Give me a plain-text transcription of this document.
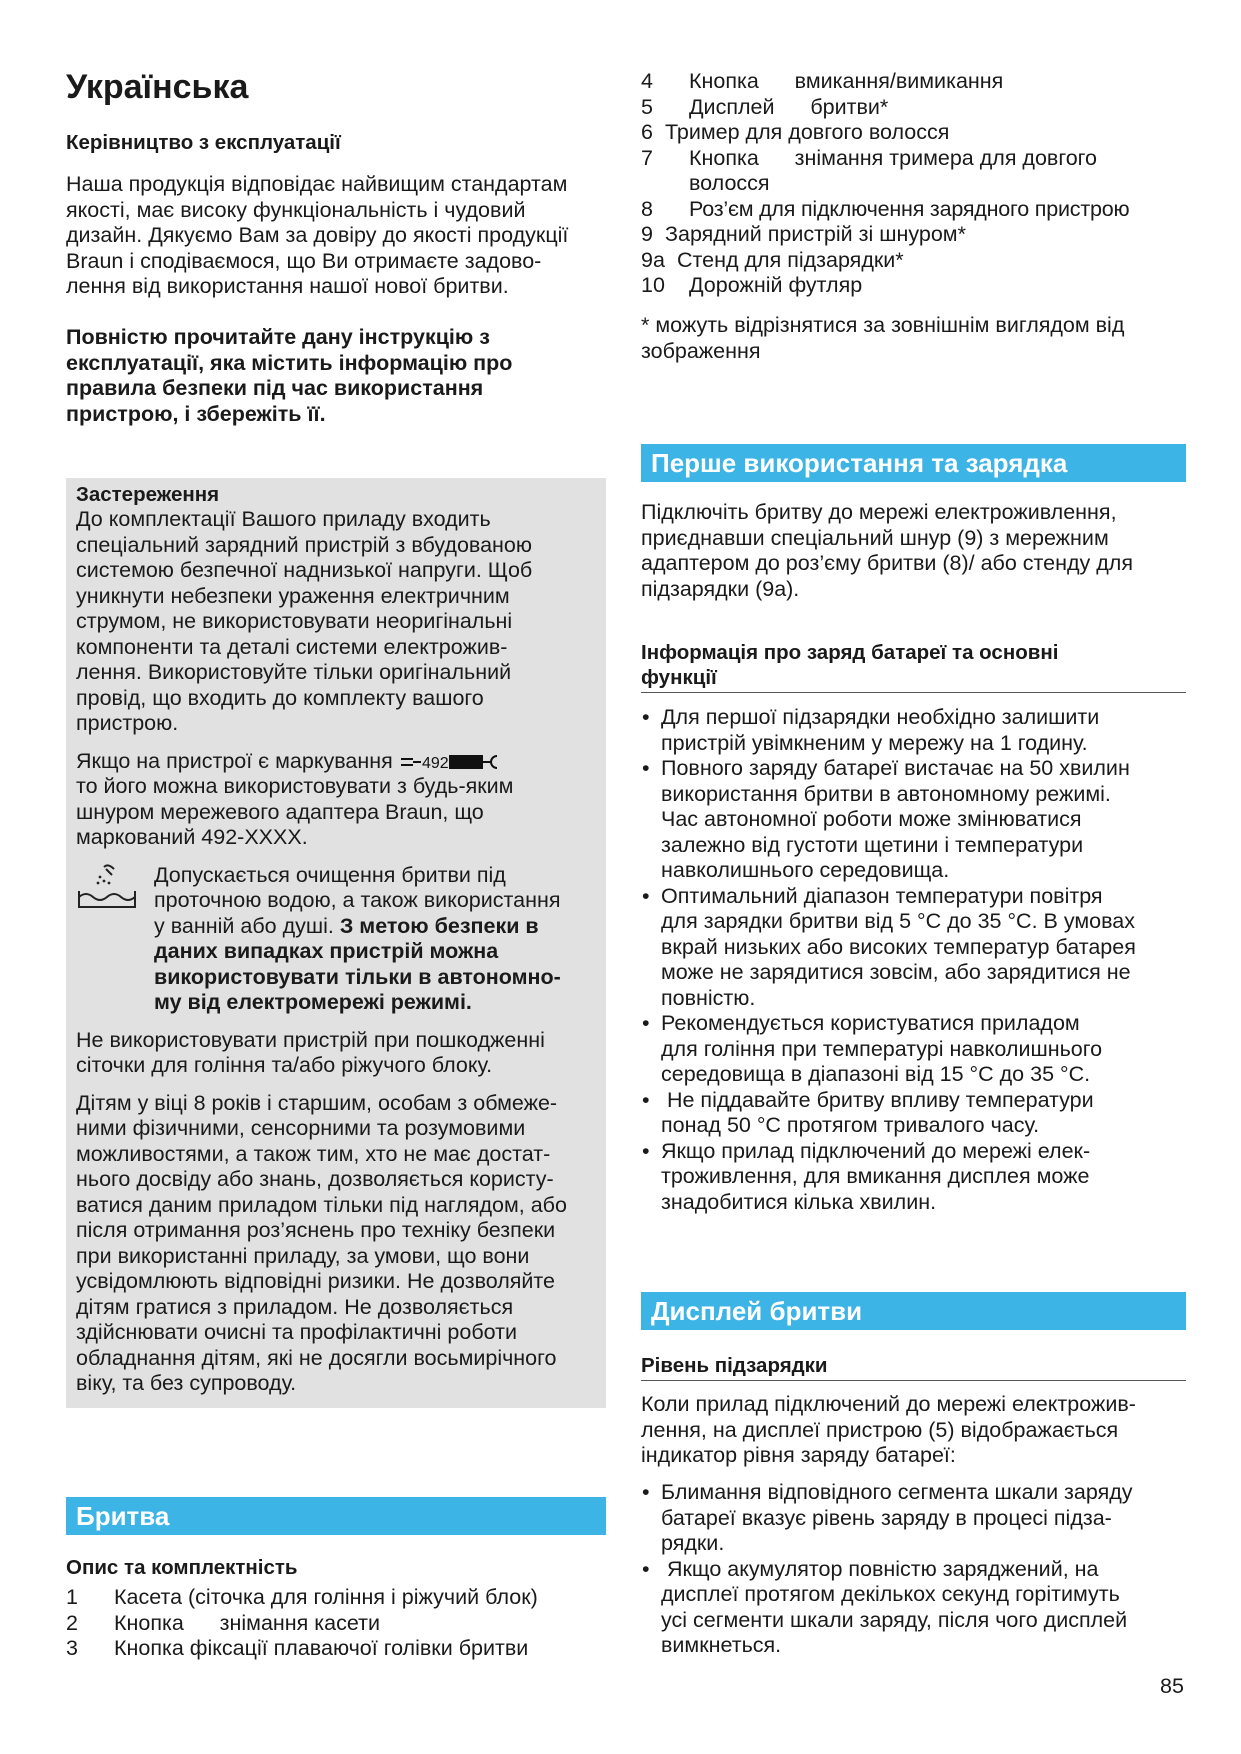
Українська
Керівництво з експлуатації

Наша продукція відповідає найвищим стандартам

якості, має високу функціональність і чудовий

дизайн. Дякуємо Вам за довіру до якості продукції

Braun і сподіваємося, що Ви отримаєте задово-

лення від використання нашої нової бритви.

Повністю прочитайте дану інструкцію з

експлуатації, яка містить інформацію про

правила безпеки під час використання

пристрою, і збережіть її.

Застереження

До комплектації Вашого приладу входить

спеціальний зарядний пристрій з вбудованою

системою безпечної наднизької напруги. Щоб

уникнути небезпеки ураження електричним

струмом, не використовувати неоригінальні

компоненти та деталі системи електрожив-

лення. Використовуйте тільки оригінальний

провід, що входить до комплекту вашого

пристрою.

Якщо на пристрої є маркування 492

то його можна використовувати з будь-яким

шнуром мережевого адаптера Braun, що

маркований 492-XXXX.

Допускається очищення бритви під

проточною водою, а також використання

у ванній або душі. З метою безпеки в

даних випадках пристрій можна

використовувати тільки в автономно-

му від електромережі режимі.

Не використовувати пристрій при пошкодженні

сіточки для гоління та/або ріжучого блоку.

Дітям у віці 8 років і старшим, особам з обмеже-

ними фізичними, сенсорними та розумовими

можливостями, а також тим, хто не має достат-

нього досвіду або знань, дозволяється користу-

ватися даним приладом тільки під наглядом, або

після отримання роз’яснень про техніку безпеки

при використанні приладу, за умови, що вони

усвідомлюють відповідні ризики. Не дозволяйте

дітям гратися з приладом. Не дозволяється

здійснювати очисні та профілактичні роботи

обладнання дітям, які не досягли восьмирічного

віку, та без супроводу.

Бритва
Опис та комплектність
1	Касета (сіточка для гоління і ріжучий блок)
2	Кнопка      знімання касети
3	Кнопка фіксації плаваючої голівки бритви
4	Кнопка      вмикання/вимикання
5	Дисплей      бритви*
6 Тример для довгого волосся
7	Кнопка      знімання тримера для довгого
волосся
8	Роз’єм для підключення зарядного пристрою
9 Зарядний пристрій зі шнуром*
9a Стенд для підзарядки*
10	Дорожній футляр

* можуть відрізнятися за зовнішнім виглядом від

зображення

Перше використання та зарядка

Підключіть бритву до мережі електроживлення,

приєднавши спеціальний шнур (9) з мережним

адаптером до роз’єму бритви (8)/ або стенду для

підзарядки (9a).

Інформація про заряд батареї та основні

функції

• Для першої підзарядки необхідно залишити
пристрій увімкненим у мережу на 1 годину.
• Повного заряду батареї вистачає на 50 хвилин
використання бритви в автономному режимі.
Час автономної роботи може змінюватися
залежно від густоти щетини і температури
навколишнього середовища.
• Оптимальний діапазон температури повітря
для зарядки бритви від 5 °C до 35 °C. В умовах
вкрай низьких або високих температур батарея
може не зарядитися зовсім, або зарядитися не
повністю.
• Рекомендується користуватися приладом
для гоління при температурі навколишнього
середовища в діапазоні від 15 °C до 35 °C.
•  Не піддавайте бритву впливу температури
понад 50 °C протягом тривалого часу.
• Якщо прилад підключений до мережі елек-
троживлення, для вмикання дисплея може
знадобитися кілька хвилин.
Дисплей бритви
Рівень підзарядки

Коли прилад підключений до мережі електрожив-

лення, на дисплеї пристрою (5) відображається

індикатор рівня заряду батареї:

• Блимання відповідного сегмента шкали заряду
батареї вказує рівень заряду в процесі підза-
рядки.
•  Якщо акумулятор повністю заряджений, на
дисплеї протягом декількох секунд горітимуть
усі сегменти шкали заряду, після чого дисплей
вимкнеться.
85
